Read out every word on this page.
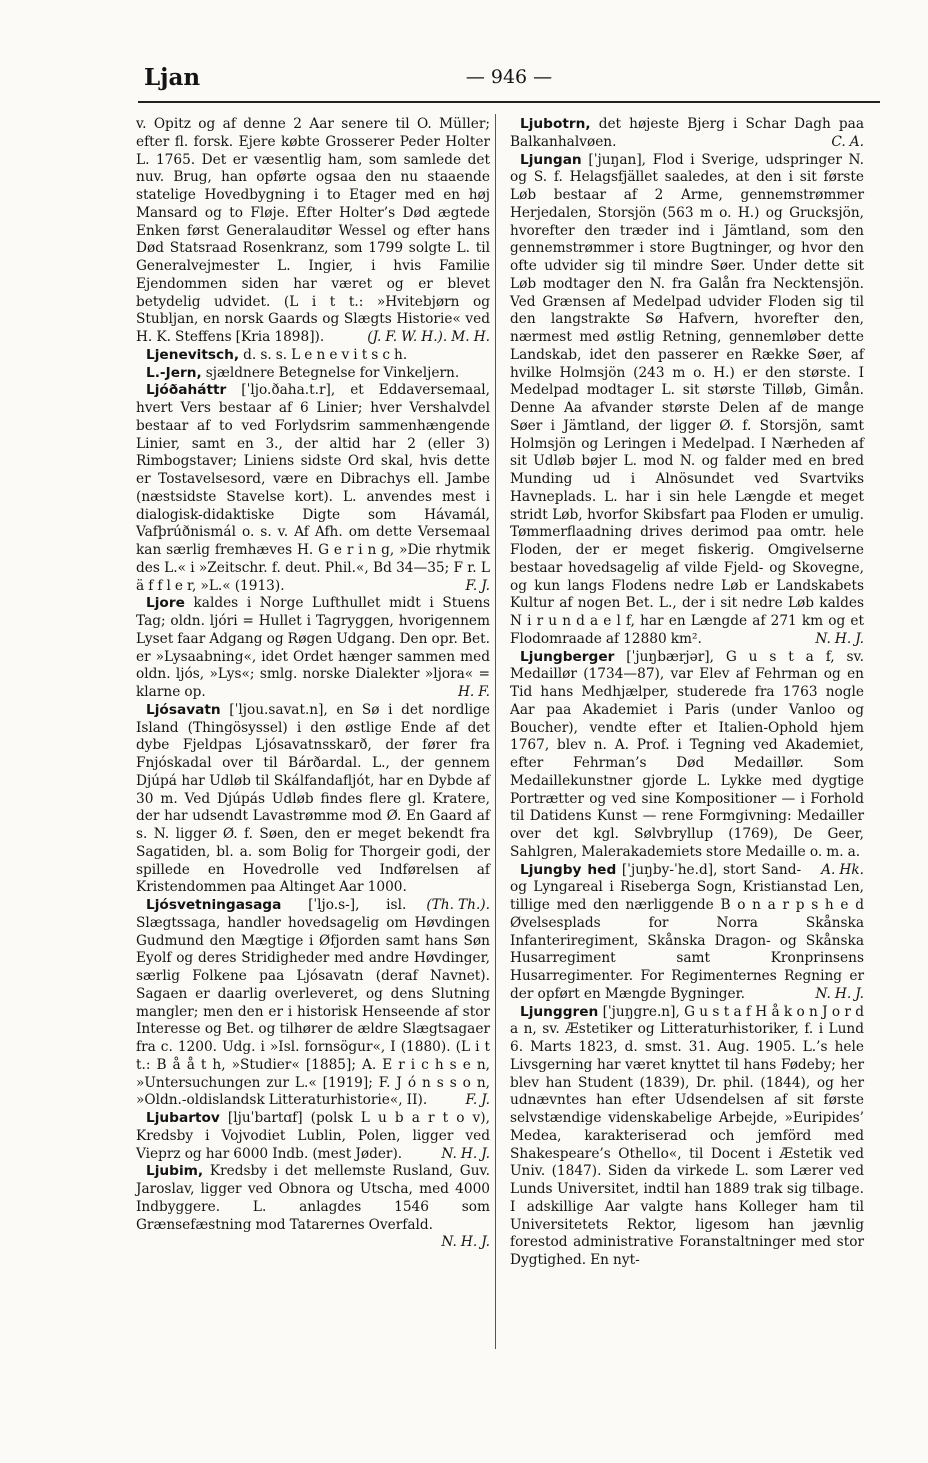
Ljan	— 946 —

v. Opitz og af denne 2 Aar senere til O. Müller; efter fl. forsk. Ejere købte Grosserer Peder Holter L. 1765. Det er væsentlig ham, som samlede det nuv. Brug, han opførte ogsaa den nu staaende statelige Hovedbygning i to Etager med en høj Mansard og to Fløje. Efter Holter’s Død ægtede Enken først Generalauditør Wessel og efter hans Død Statsraad Rosenkranz, som 1799 solgte L. til Generalvejmester L. Ingier, i hvis Familie Ejendommen siden har været og er blevet betydelig udvidet. (L i t t.: »Hvitebjørn og Stubljan, en norsk Gaards og Slægts Historie« ved H. K. Steffens [Kria 1898]).	(J. F. W. H.). M. H.

Ljenevitsch, d. s. s. L e n e v i t s c h.

L.-Jern, sjældnere Betegnelse for Vinkeljern.

Ljóðaháttr [ˈljo.ðaha.t.r], et Eddaversemaal, hvert Vers bestaar af 6 Linier; hver Vershalvdel bestaar af to ved Forlydsrim sammenhængende Linier, samt en 3., der altid har 2 (eller 3) Rimbogstaver; Liniens sidste Ord skal, hvis dette er Tostavelsesord, være en Dibrachys ell. Jambe (næstsidste Stavelse kort). L. anvendes mest i dialogisk-didaktiske Digte som Hávamál, Vafþrúðnismál o. s. v. Af Afh. om dette Versemaal kan særlig fremhæves H. G e r i n g, »Die rhytmik des L.« i »Zeitschr. f. deut. Phil.«, Bd 34—35; F r. L ä f f l e r, »L.« (1913).	F. J.

Ljore kaldes i Norge Lufthullet midt i Stuens Tag; oldn. ljóri = Hullet i Tagryggen, hvorigennem Lyset faar Adgang og Røgen Udgang. Den opr. Bet. er »Lysaabning«, idet Ordet hænger sammen med oldn. ljós, »Lys«; smlg. norske Dialekter »ljora« = klarne op.	H. F.

Ljósavatn [ˈljou.savat.n], en Sø i det nordlige Island (Thingösyssel) i den østlige Ende af det dybe Fjeldpas Ljósavatnsskarð, der fører fra Fnjóskadal over til Bárðardal. L., der gennem Djúpá har Udløb til Skálfandafljót, har en Dybde af 30 m. Ved Djúpás Udløb findes flere gl. Kratere, der har udsendt Lavastrømme mod Ø. En Gaard af s. N. ligger Ø. f. Søen, den er meget bekendt fra Sagatiden, bl. a. som Bolig for Thorgeir godi, der spillede en Hovedrolle ved Indførelsen af Kristendommen paa Altinget Aar 1000.
(Th. Th.).

Ljósvetningasaga [ˈljo.s-], isl. Slægtssaga, handler hovedsagelig om Høvdingen Gudmund den Mægtige i Øfjorden samt hans Søn Eyolf og deres Stridigheder med andre Høvdinger, særlig Folkene paa Ljósavatn (deraf Navnet). Sagaen er daarlig overleveret, og dens Slutning mangler; men den er i historisk Henseende af stor Interesse og Bet. og tilhører de ældre Slægtsagaer fra c. 1200. Udg. i »Isl. fornsögur«, I (1880). (L i t t.: B å å t h, »Studier« [1885]; A. E r i c h s e n, »Untersuchungen zur L.« [1919]; F. J ó n s s o n, »Oldn.-oldislandsk Litteraturhistorie«, II).	F. J.

Ljubartov [ljuˈbartɑf] (polsk L u b a r t o v), Kredsby i Vojvodiet Lublin, Polen, ligger ved Vieprz og har 6000 Indb. (mest Jøder).	N. H. J.

Ljubim, Kredsby i det mellemste Rusland, Guv. Jaroslav, ligger ved Obnora og Utscha, med 4000 Indbyggere. L. anlagdes 1546 som Grænsefæstning mod Tatarernes Overfald.
N. H. J.

Ljubotrn, det højeste Bjerg i Schar Dagh paa Balkanhalvøen.	C. A.

Ljungan [ˈjuŋan], Flod i Sverige, udspringer N. og S. f. Helagsfjället saaledes, at den i sit første Løb bestaar af 2 Arme, gennemstrømmer Herjedalen, Storsjön (563 m o. H.) og Grucksjön, hvorefter den træder ind i Jämtland, som den gennemstrømmer i store Bugtninger, og hvor den ofte udvider sig til mindre Søer. Under dette sit Løb modtager den N. fra Galån fra Necktensjön. Ved Grænsen af Medelpad udvider Floden sig til den langstrakte Sø Hafvern, hvorefter den, nærmest med østlig Retning, gennemløber dette Landskab, idet den passerer en Række Søer, af hvilke Holmsjön (243 m o. H.) er den største. I Medelpad modtager L. sit største Tilløb, Gimån. Denne Aa afvander største Delen af de mange Søer i Jämtland, der ligger Ø. f. Storsjön, samt Holmsjön og Leringen i Medelpad. I Nærheden af sit Udløb bøjer L. mod N. og falder med en bred Munding ud i Alnösundet ved Svartviks Havneplads. L. har i sin hele Længde et meget stridt Løb, hvorfor Skibsfart paa Floden er umulig. Tømmerflaadning drives derimod paa omtr. hele Floden, der er meget fiskerig. Omgivelserne bestaar hovedsagelig af vilde Fjeld- og Skovegne, og kun langs Flodens nedre Løb er Landskabets Kultur af nogen Bet. L., der i sit nedre Løb kaldes N i r u n d a e l f, har en Længde af 271 km og et Flodomraade af 12880 km².	N. H. J.

Ljungberger [ˈjuŋbærjər], G u s t a f, sv. Medaillør (1734—87), var Elev af Fehrman og en Tid hans Medhjælper, studerede fra 1763 nogle Aar paa Akademiet i Paris (under Vanloo og Boucher), vendte efter et Italien-Ophold hjem 1767, blev n. A. Prof. i Tegning ved Akademiet, efter Fehrman’s Død Medaillør. Som Medaillekunstner gjorde L. Lykke med dygtige Portrætter og ved sine Kompositioner — i Forhold til Datidens Kunst — rene Formgivning: Medailler over det kgl. Sølvbryllup (1769), De Geer, Sahlgren, Malerakademiets store Medaille o. m. a.
A. Hk.

Ljungby hed [ˈjuŋby-ˈhe.d], stort Sand- og Lyngareal i Riseberga Sogn, Kristianstad Len, tillige med den nærliggende B o n a r p s h e d Øvelsesplads for Norra Skånska Infanteriregiment, Skånska Dragon- og Skånska Husarregiment samt Kronprinsens Husarregimenter. For Regimenternes Regning er der opført en Mængde Bygninger.	N. H. J.

Ljunggren [ˈjuŋgre.n], G u s t a f H å k o n J o r d a n, sv. Æstetiker og Litteraturhistoriker, f. i Lund 6. Marts 1823, d. smst. 31. Aug. 1905. L.’s hele Livsgerning har været knyttet til hans Fødeby; her blev han Student (1839), Dr. phil. (1844), og her udnævntes han efter Udsendelsen af sit første selvstændige videnskabelige Arbejde, »Euripides’ Medea, karakteriserad och jemförd med Shakespeare’s Othello«, til Docent i Æstetik ved Univ. (1847). Siden da virkede L. som Lærer ved Lunds Universitet, indtil han 1889 trak sig tilbage. I adskillige Aar valgte hans Kolleger ham til Universitetets Rektor, ligesom han jævnlig forestod administrative Foranstaltninger med stor Dygtighed. En nyt-
